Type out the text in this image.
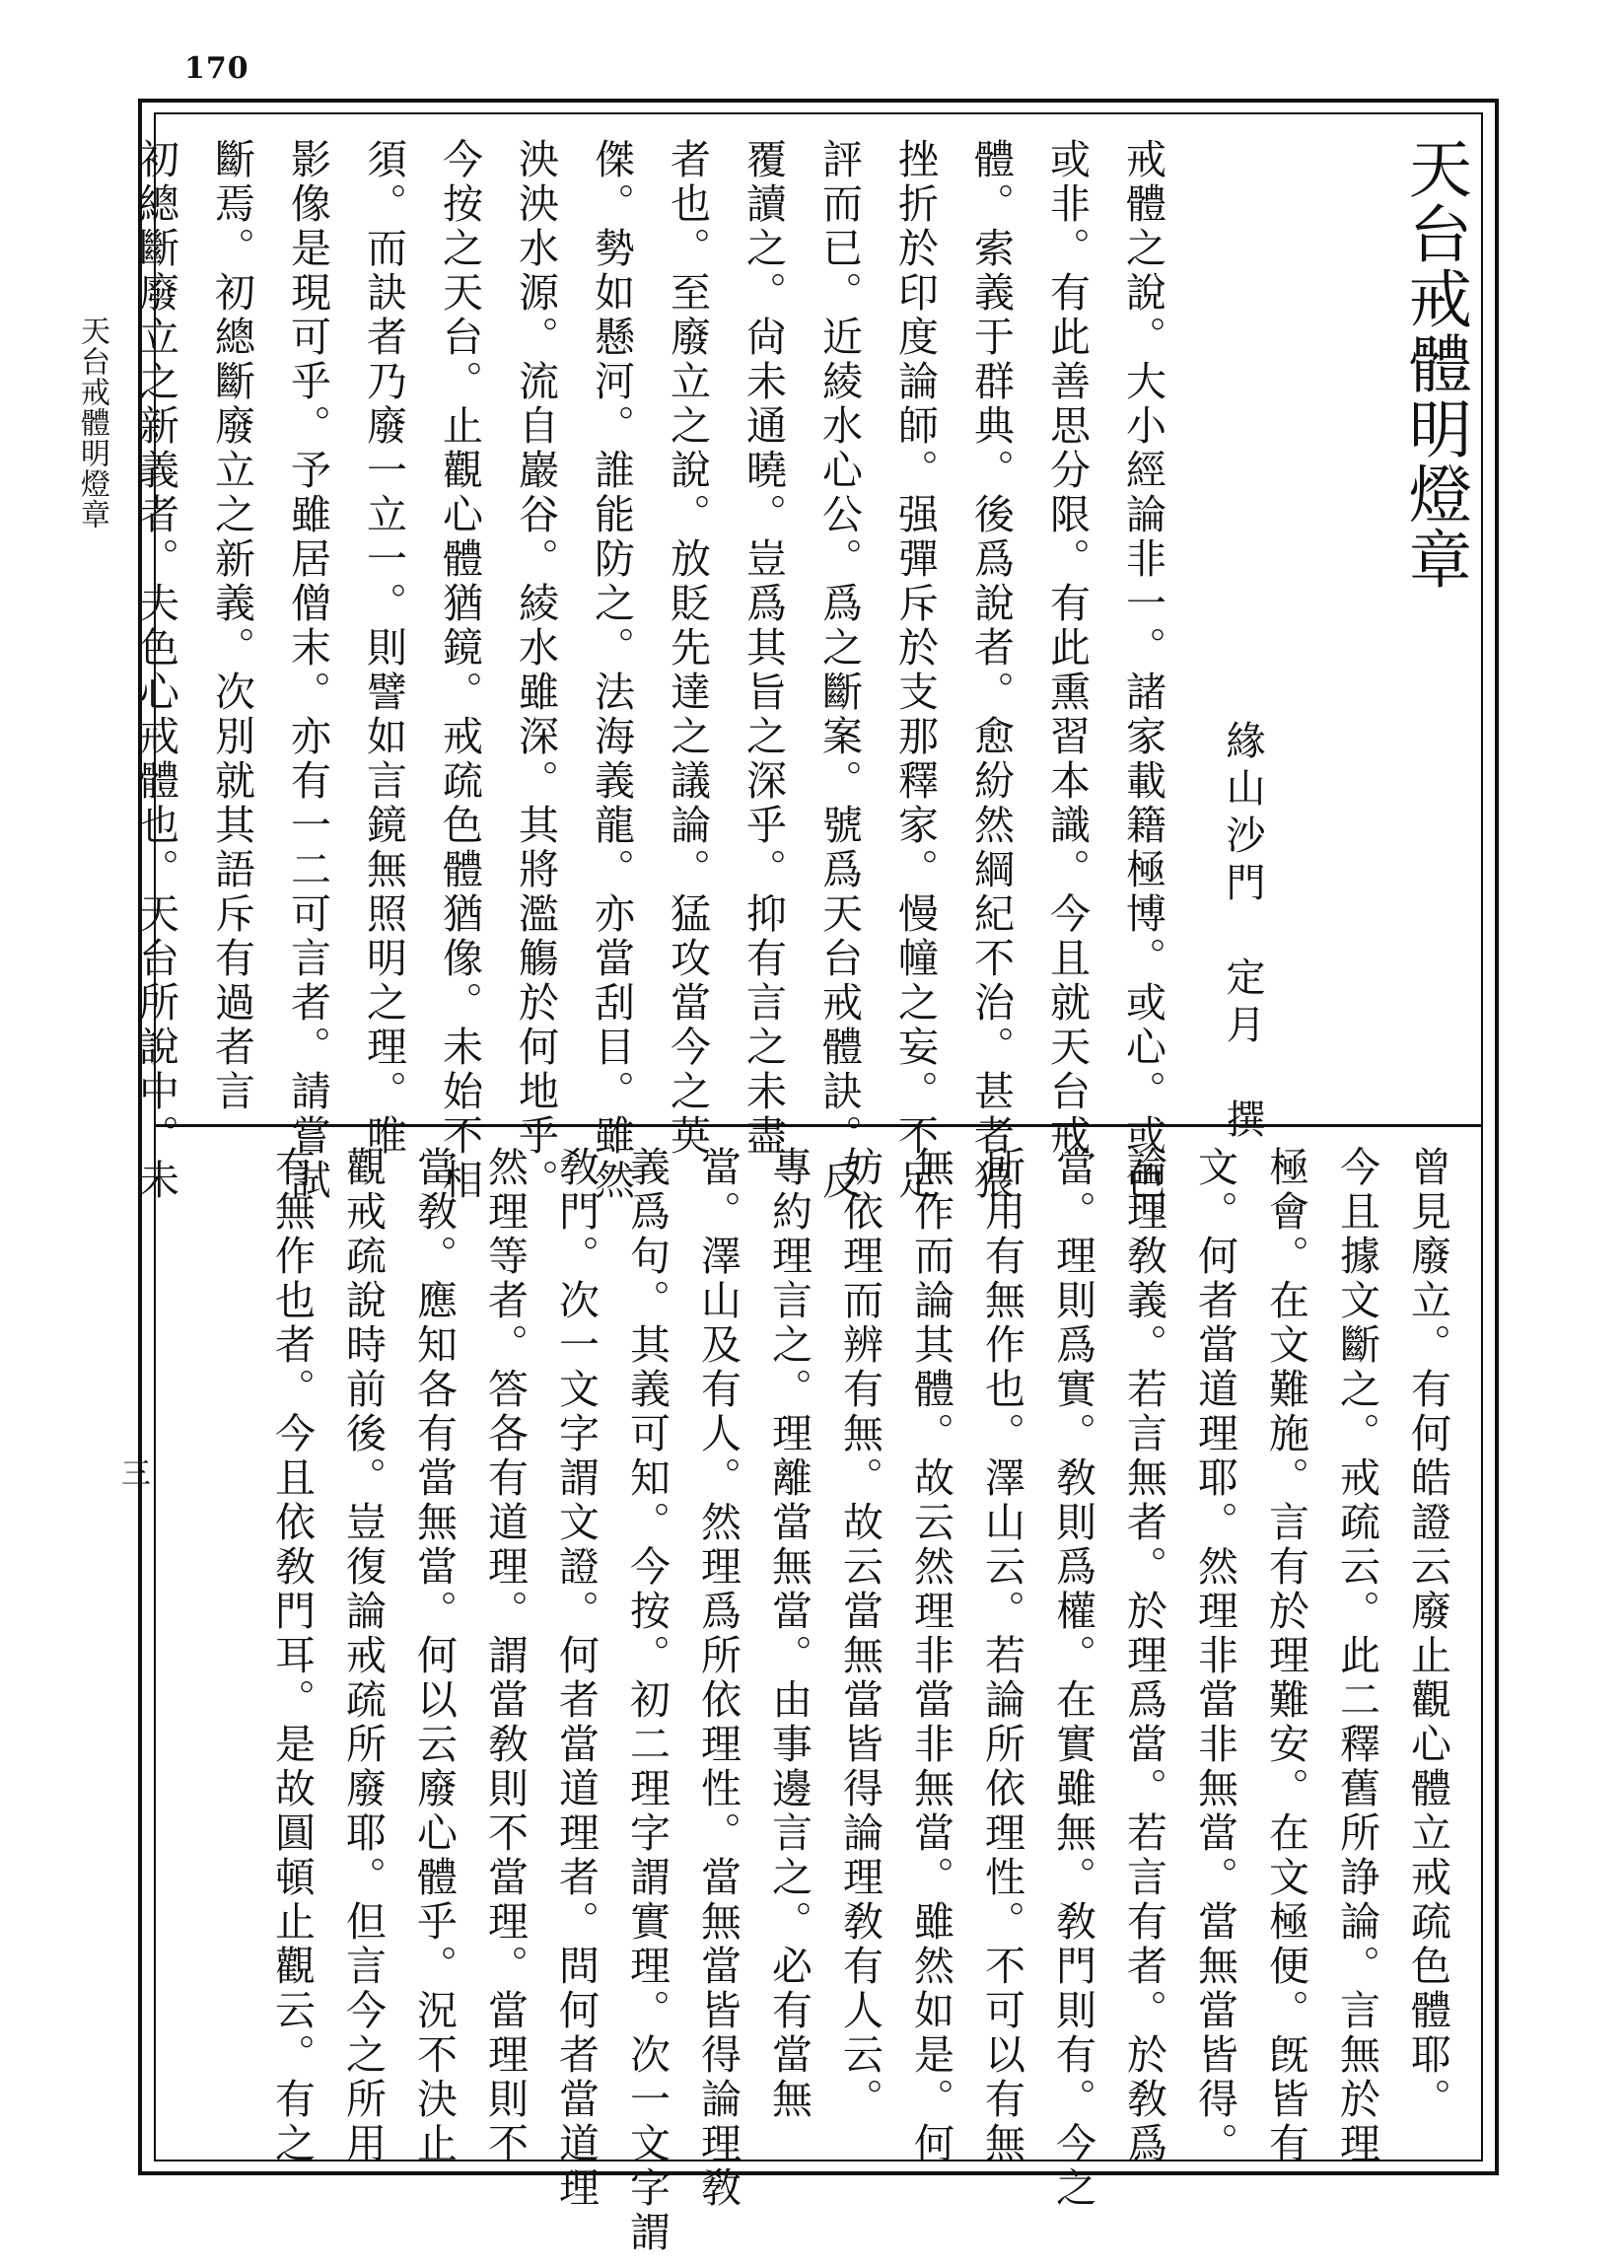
170
天台戒體明燈章
三
天台戒體明燈章
緣山沙門　定月　撰
戒體之說。大小經論非一。諸家載籍極博。或心。或色。
或非。有此善思分限。有此熏習本識。今且就天台戒
體。索義于群典。後爲說者。愈紛然綱紀不治。甚者猥
挫折於印度論師。强彈斥於支那釋家。慢幢之妄。不足
評而已。近綾水心公。爲之斷案。號爲天台戒體訣。反
覆讀之。尙未通曉。豈爲其旨之深乎。抑有言之未盡
者也。至廢立之說。放貶先達之議論。猛攻當今之英
傑。勢如懸河。誰能防之。法海義龍。亦當刮目。雖然
泱泱水源。流自巖谷。綾水雖深。其將濫觴於何地乎。
今按之天台。止觀心體猶鏡。戒疏色體猶像。未始不相
須。而訣者乃廢一立一。則譬如言鏡無照明之理。唯
影像是現可乎。予雖居僧末。亦有一二可言者。請嘗試
斷焉。初總斷廢立之新義。次別就其語斥有過者言
初總斷廢立之新義者。夫色心戒體也。天台所說中。未
曾見廢立。有何皓證云廢止觀心體立戒疏色體耶。
今且據文斷之。戒疏云。此二釋舊所諍論。言無於理
極會。在文難施。言有於理難安。在文極便。旣皆有
文。何者當道理耶。然理非當非無當。當無當皆得。
論理敎義。若言無者。於理爲當。若言有者。於敎爲
當。理則爲實。敎則爲權。在實雖無。敎門則有。今之
所用有無作也。澤山云。若論所依理性。不可以有無
無作而論其體。故云然理非當非無當。雖然如是。何
妨依理而辨有無。故云當無當皆得論理敎有人云。
專約理言之。理離當無當。由事邊言之。必有當無
當。澤山及有人。然理爲所依理性。當無當皆得論理敎
義爲句。其義可知。今按。初二理字謂實理。次一文字謂
敎門。次一文字謂文證。何者當道理者。問何者當道理
然理等者。答各有道理。謂當敎則不當理。當理則不
當敎。應知各有當無當。何以云廢心體乎。況不決止
觀戒疏說時前後。豈復論戒疏所廢耶。但言今之所用
有無作也者。今且依敎門耳。是故圓頓止觀云。有之
